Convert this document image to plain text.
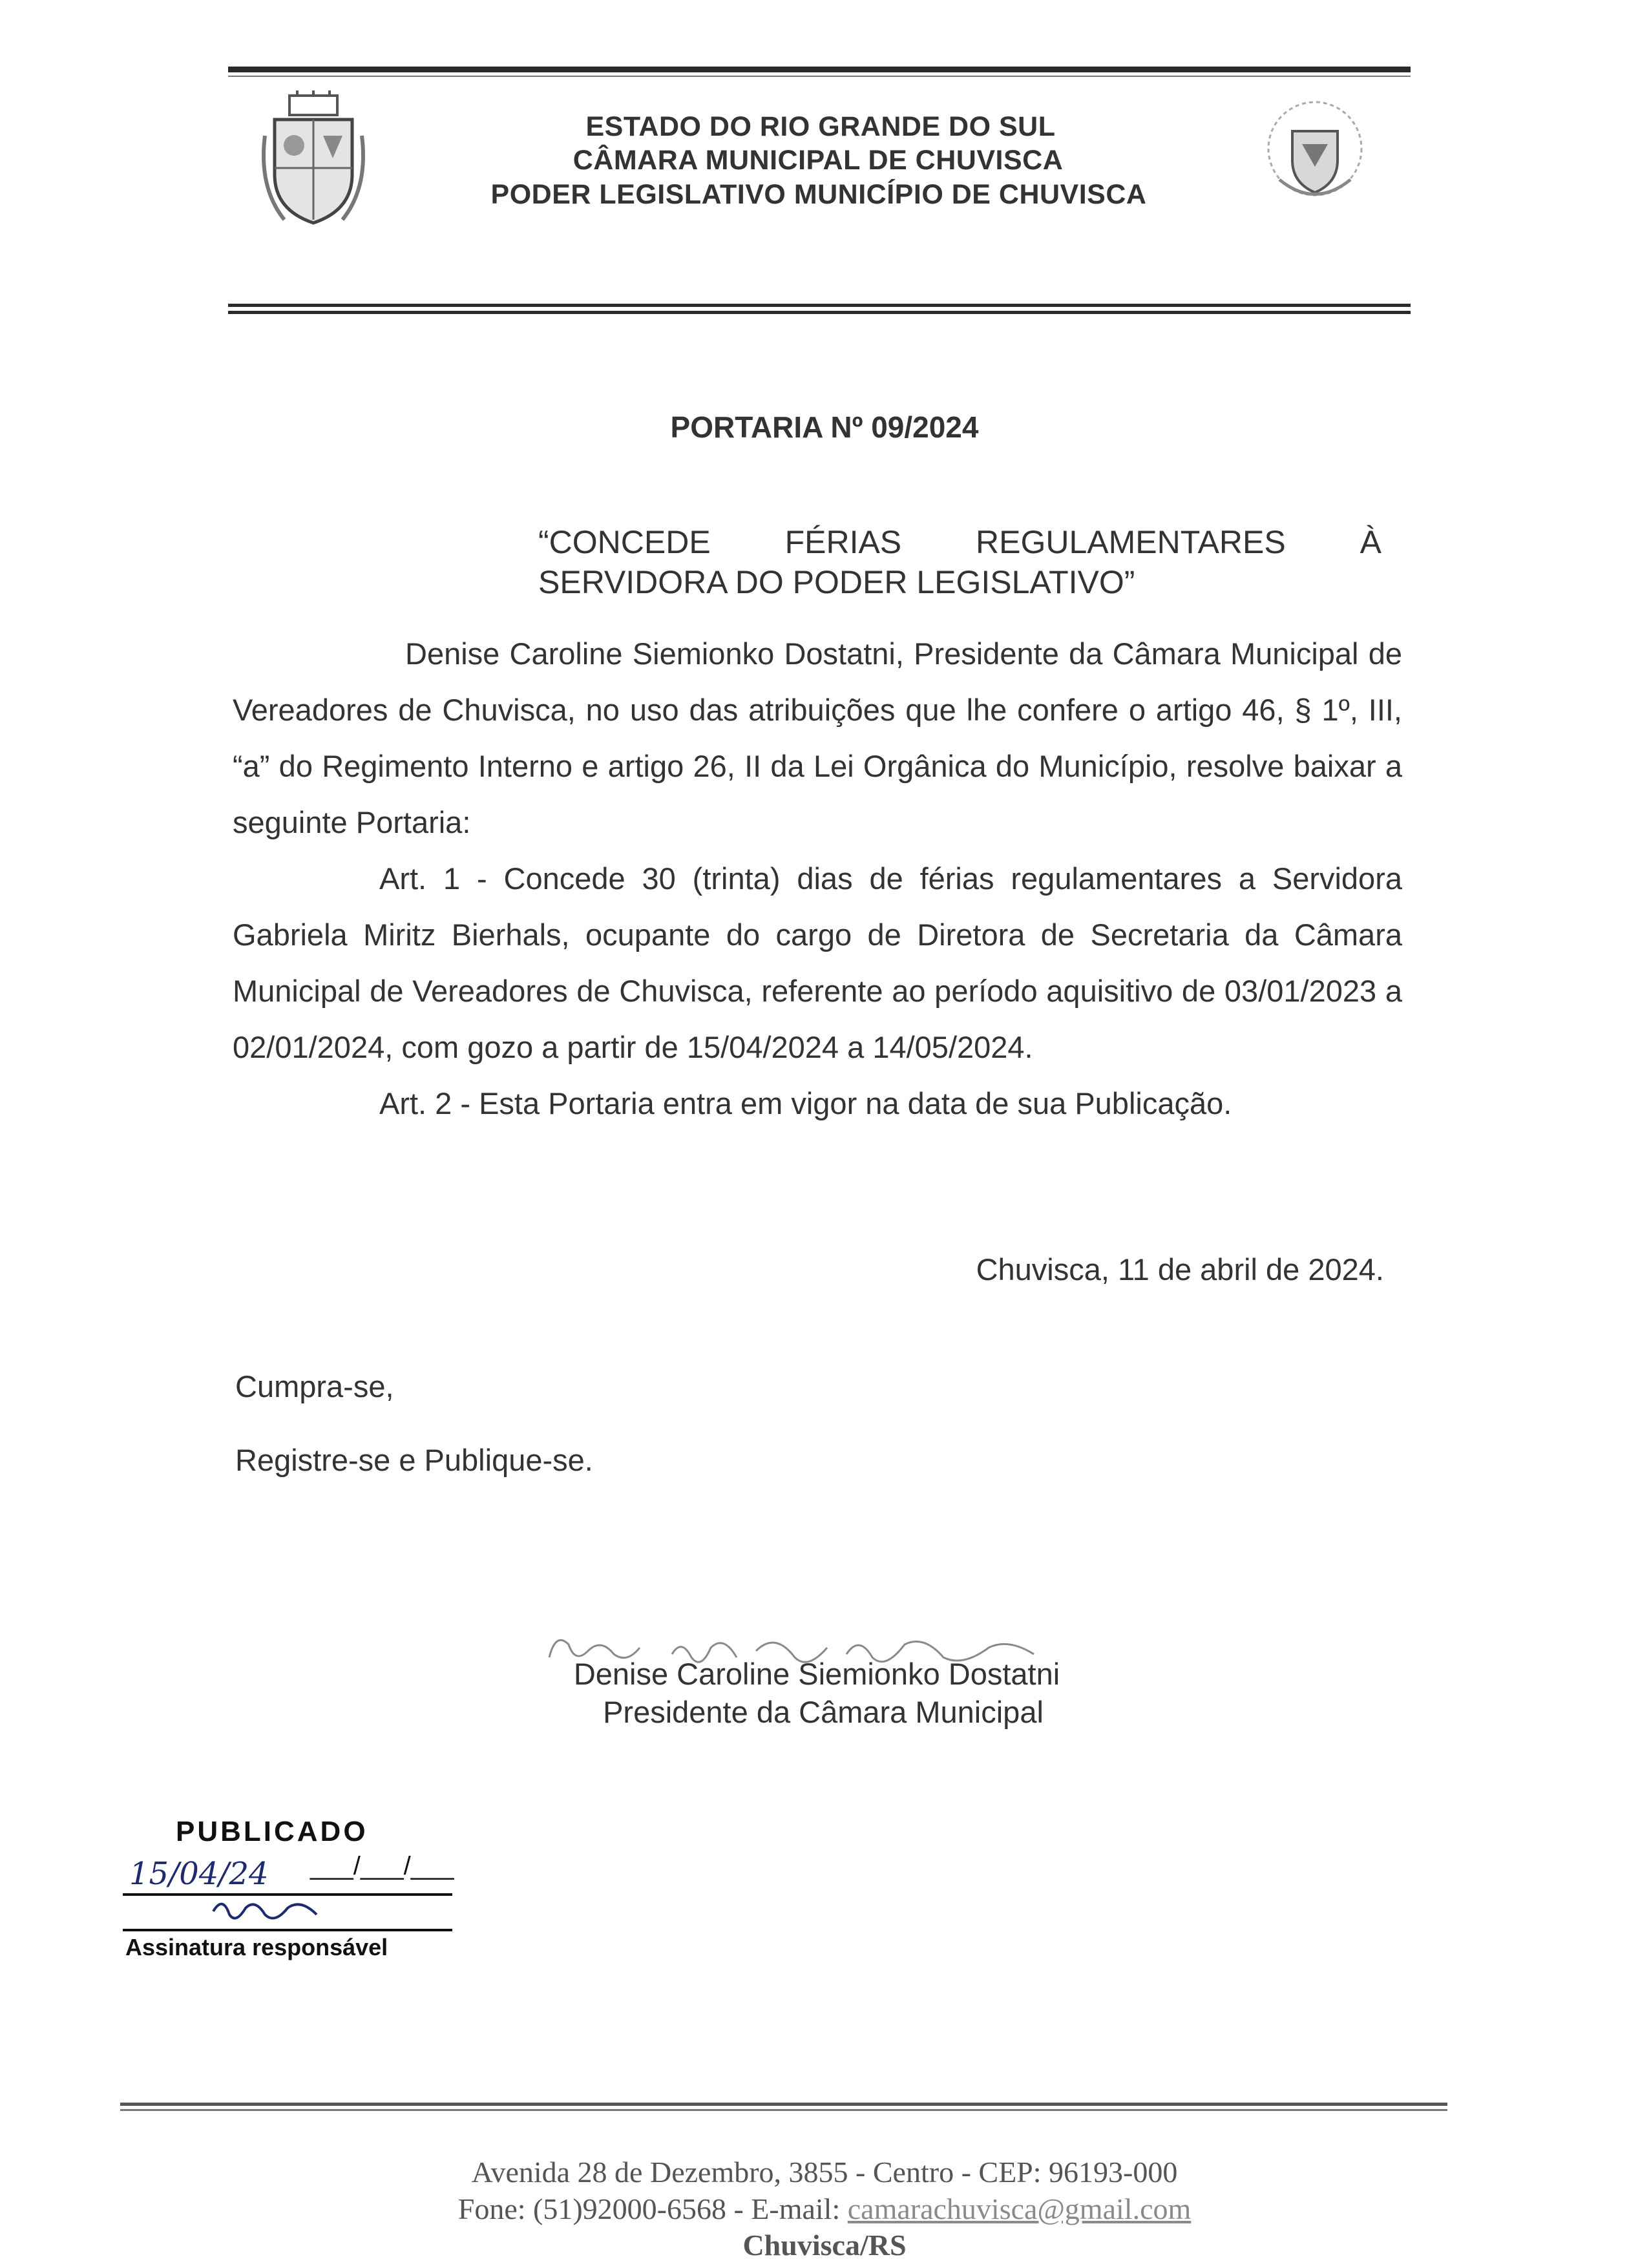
ESTADO DO RIO GRANDE DO SUL
CÂMARA MUNICIPAL DE CHUVISCA
PODER LEGISLATIVO MUNICÍPIO DE CHUVISCA
PORTARIA Nº 09/2024
“CONCEDE FÉRIAS REGULAMENTARES À
SERVIDORA DO PODER LEGISLATIVO”

Denise Caroline Siemionko Dostatni, Presidente da Câmara Municipal de Vereadores de Chuvisca, no uso das atribuições que lhe confere o artigo 46, § 1º, III, “a” do Regimento Interno e artigo 26, II da Lei Orgânica do Município, resolve baixar a seguinte Portaria:

Art. 1 - Concede 30 (trinta) dias de férias regulamentares a Servidora Gabriela Miritz Bierhals, ocupante do cargo de Diretora de Secretaria da Câmara Municipal de Vereadores de Chuvisca, referente ao período aquisitivo de 03/01/2023 a 02/01/2024, com gozo a partir de 15/04/2024 a 14/05/2024.

Art. 2 - Esta Portaria entra em vigor na data de sua Publicação.

Chuvisca, 11 de abril de 2024.
Cumpra-se,
Registre-se e Publique-se.
Denise Caroline Siemionko Dostatni
Presidente da Câmara Municipal
PUBLICADO
15/04/24 ___/___/___
Assinatura responsável
Avenida 28 de Dezembro, 3855 - Centro - CEP: 96193-000
Fone: (51)92000-6568 - E-mail: camarachuvisca@gmail.com
Chuvisca/RS
